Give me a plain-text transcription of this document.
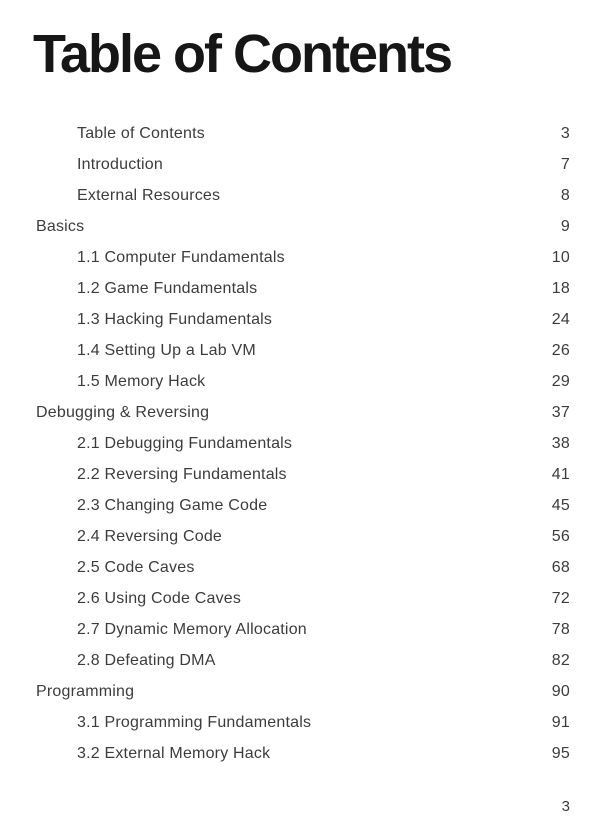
Table of Contents
Table of Contents	3
Introduction	7
External Resources	8
Basics	9
1.1 Computer Fundamentals	10
1.2 Game Fundamentals	18
1.3 Hacking Fundamentals	24
1.4 Setting Up a Lab VM	26
1.5 Memory Hack	29
Debugging & Reversing	37
2.1 Debugging Fundamentals	38
2.2 Reversing Fundamentals	41
2.3 Changing Game Code	45
2.4 Reversing Code	56
2.5 Code Caves	68
2.6 Using Code Caves	72
2.7 Dynamic Memory Allocation	78
2.8 Defeating DMA	82
Programming	90
3.1 Programming Fundamentals	91
3.2 External Memory Hack	95
3
